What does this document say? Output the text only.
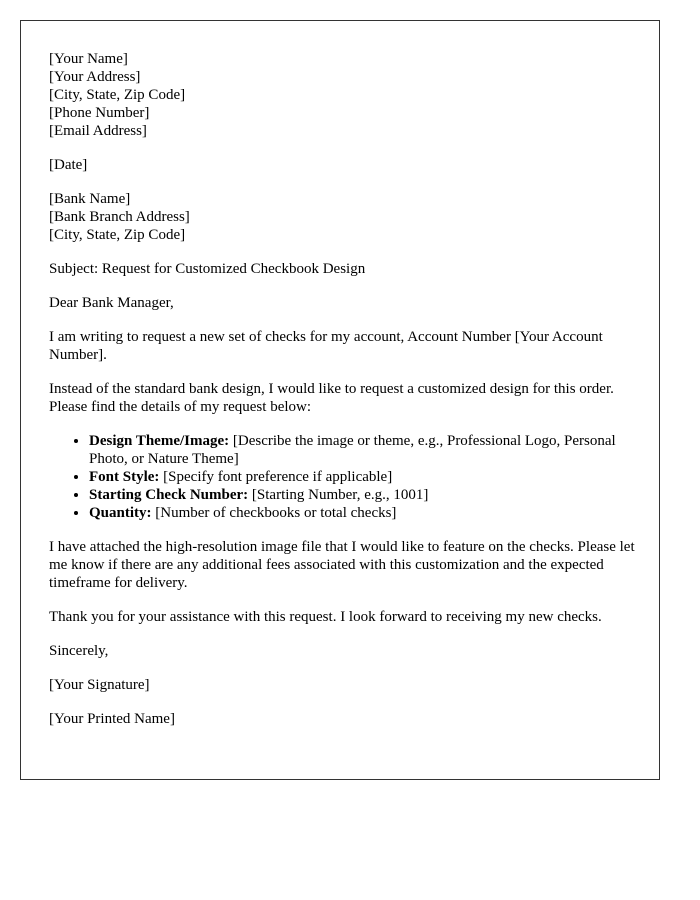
[Your Name]
[Your Address]
[City, State, Zip Code]
[Phone Number]
[Email Address]
[Date]
[Bank Name]
[Bank Branch Address]
[City, State, Zip Code]

Subject: Request for Customized Checkbook Design

Dear Bank Manager,

I am writing to request a new set of checks for my account, Account Number [Your Account Number].

Instead of the standard bank design, I would like to request a customized design for this order. Please find the details of my request below:

• Design Theme/Image: [Describe the image or theme, e.g., Professional Logo, Personal Photo, or Nature Theme]
• Font Style: [Specify font preference if applicable]
• Starting Check Number: [Starting Number, e.g., 1001]
• Quantity: [Number of checkbooks or total checks]

I have attached the high-resolution image file that I would like to feature on the checks. Please let me know if there are any additional fees associated with this customization and the expected timeframe for delivery.

Thank you for your assistance with this request. I look forward to receiving my new checks.

Sincerely,

[Your Signature]

[Your Printed Name]
